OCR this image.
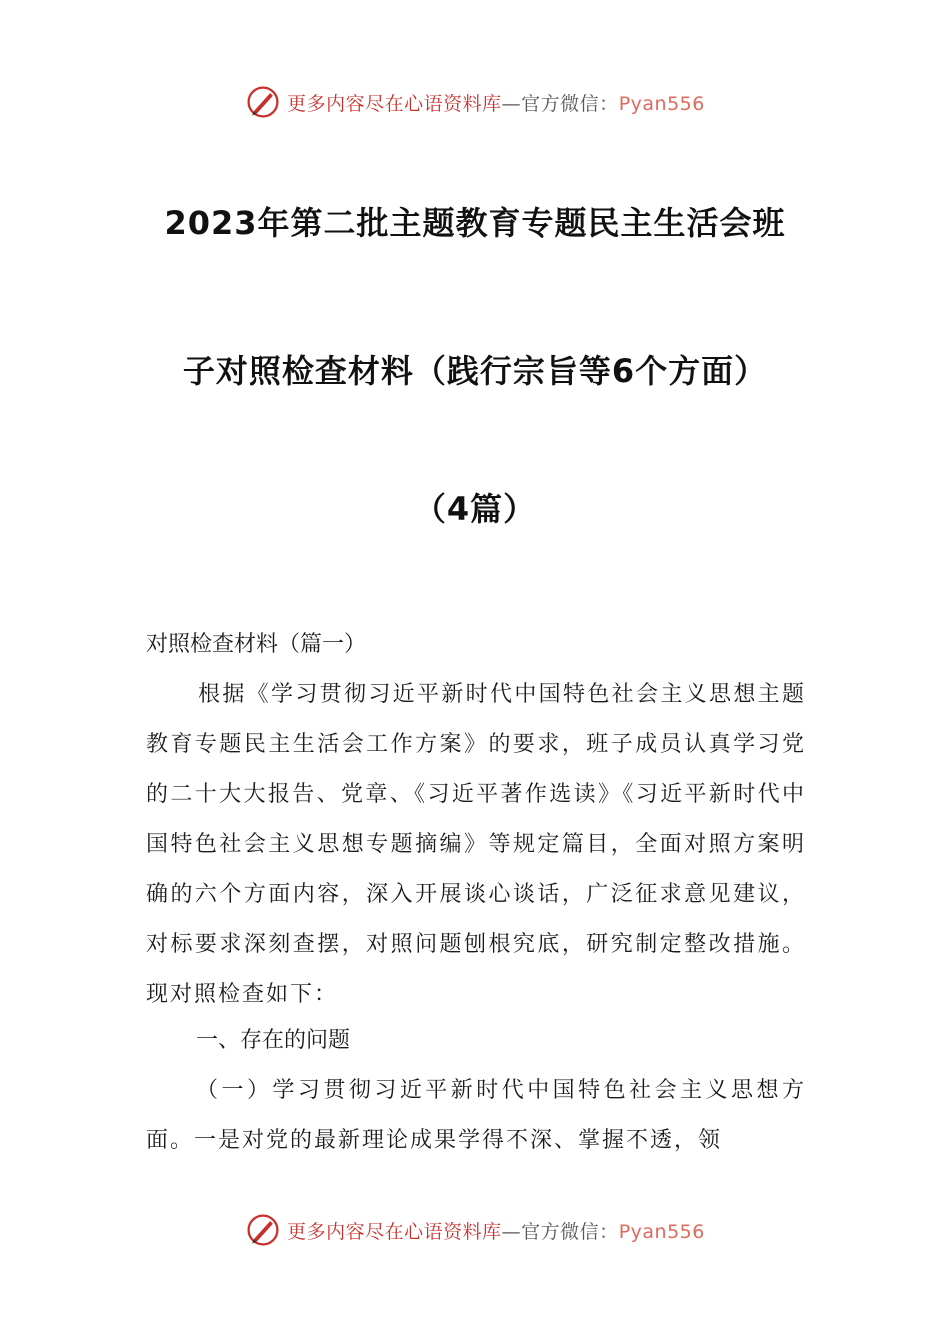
更多内容尽在心语资料库—官方微信：Pyan556
2023年第二批主题教育专题民主生活会班
子对照检查材料（践行宗旨等6个方面）
（4篇）
对照检查材料（篇一）
根据《学习贯彻习近平新时代中国特色社会主义思想主题教育专题民主生活会工作方案》的要求，班子成员认真学习党的二十大大报告、党章、《习近平著作选读》《习近平新时代中国特色社会主义思想专题摘编》等规定篇目，全面对照方案明确的六个方面内容，深入开展谈心谈话，广泛征求意见建议，对标要求深刻查摆，对照问题刨根究底，研究制定整改措施。现对照检查如下：
一、存在的问题
（一）学习贯彻习近平新时代中国特色社会主义思想方面。一是对党的最新理论成果学得不深、掌握不透，领
更多内容尽在心语资料库—官方微信：Pyan556
